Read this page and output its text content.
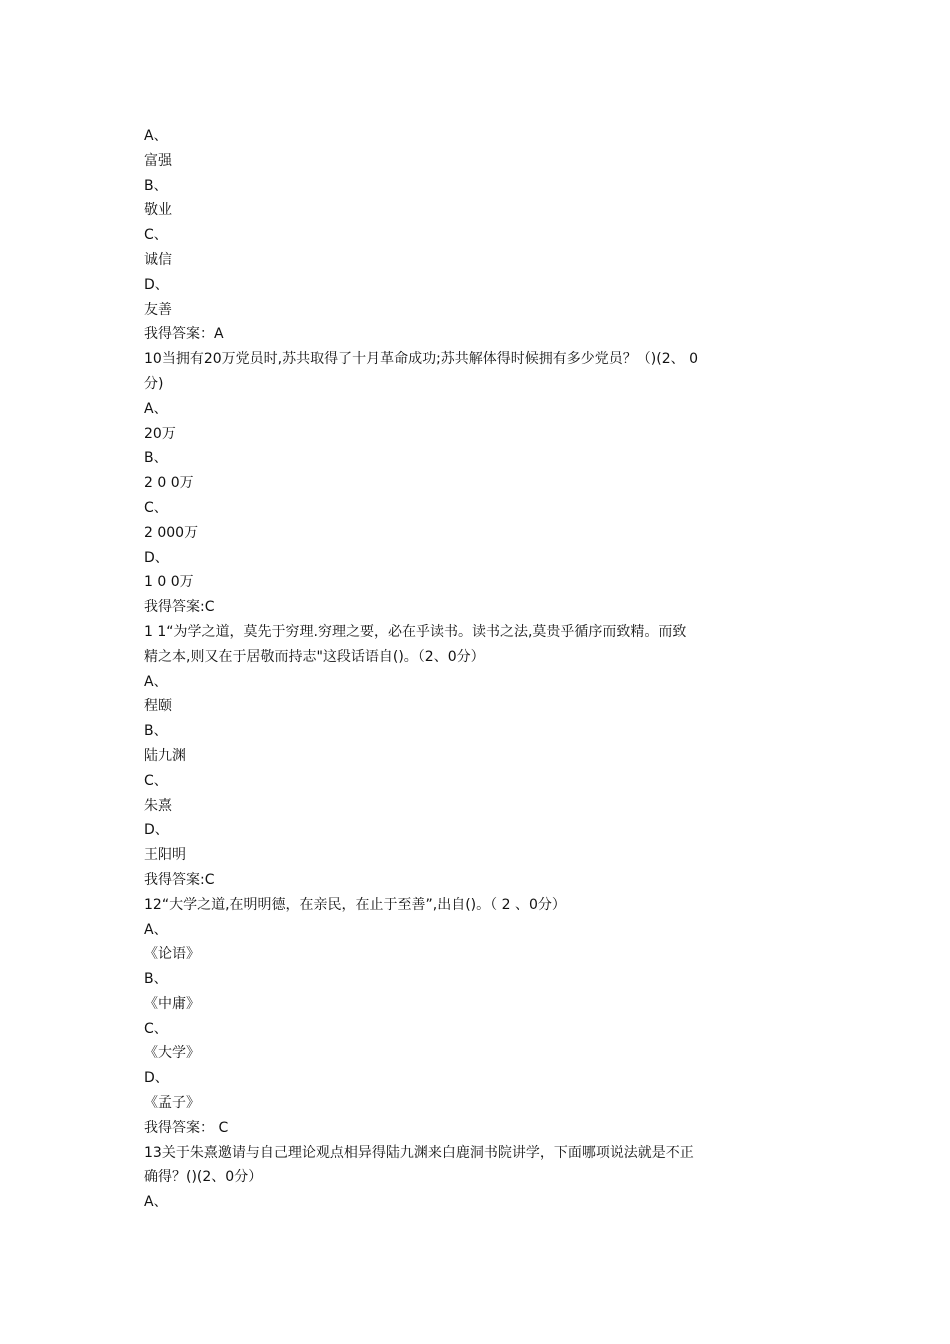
A、
富强
B、
敬业
C、
诚信
D、
友善
我得答案：A
10当拥有20万党员时,苏共取得了十月革命成功;苏共解体得时候拥有多少党员？（)(2、 0
分)
A、
20万
B、
2 0 0万
C、
2 000万
D、
1 0 0万
我得答案:C
1 1“为学之道，莫先于穷理.穷理之要，必在乎读书。读书之法,莫贵乎循序而致精。而致
精之本,则又在于居敬而持志"这段话语自()。（2、0分）
A、
程颐
B、
陆九渊
C、
朱熹
D、
王阳明
我得答案:C
12“大学之道,在明明德，在亲民，在止于至善”,出自()。（ 2 、0分）
A、
《论语》
B、
《中庸》
C、
《大学》
D、
《孟子》
我得答案： C
13关于朱熹邀请与自己理论观点相异得陆九渊来白鹿洞书院讲学，下面哪项说法就是不正
确得？()(2、0分）
A、
